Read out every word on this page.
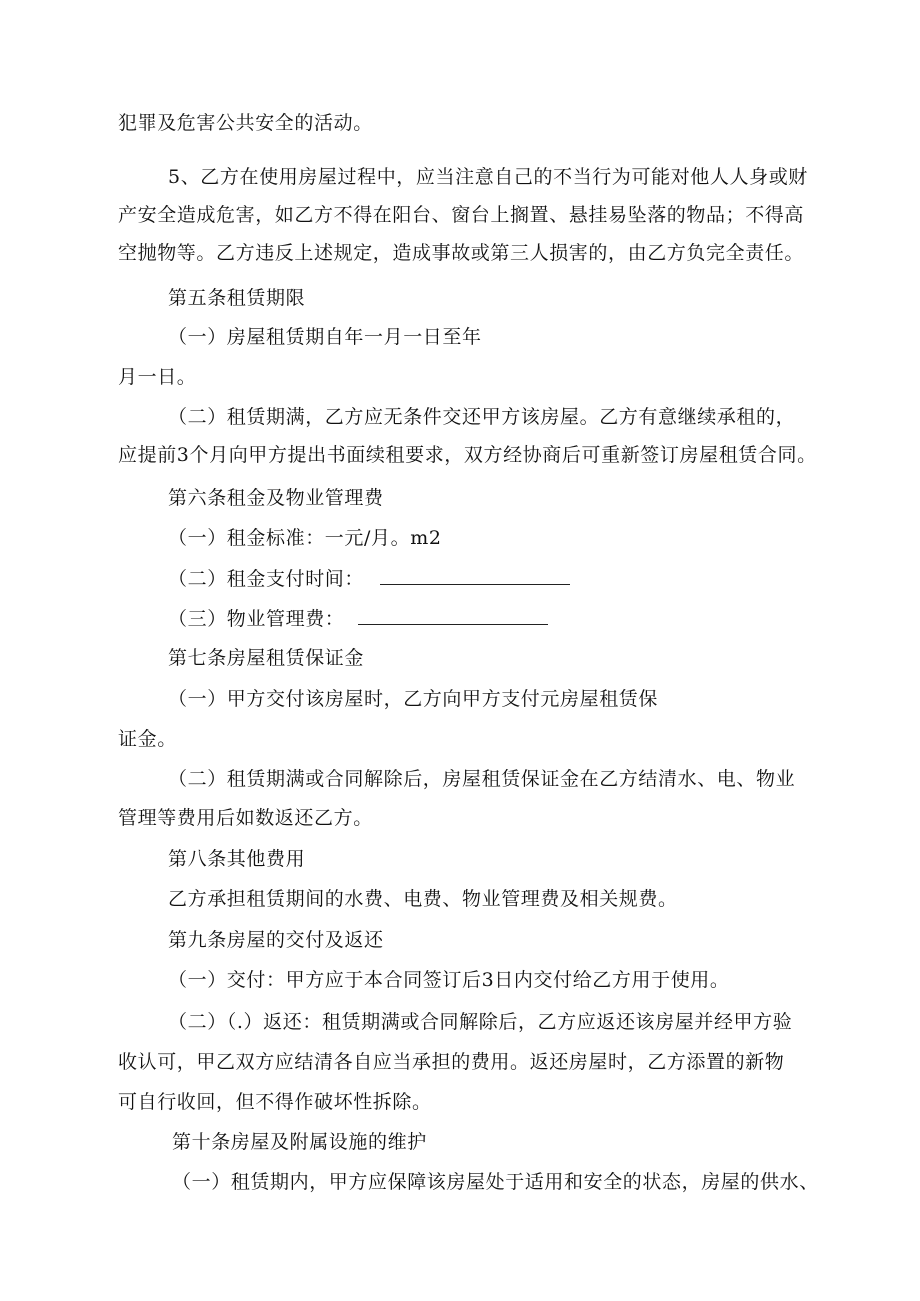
犯罪及危害公共安全的活动。

5、乙方在使用房屋过程中，应当注意自己的不当行为可能对他人人身或财

产安全造成危害，如乙方不得在阳台、窗台上搁置、悬挂易坠落的物品；不得高

空抛物等。乙方违反上述规定，造成事故或第三人损害的，由乙方负完全责任。

第五条租赁期限

（一）房屋租赁期自年一月一日至年

月一日。

（二）租赁期满，乙方应无条件交还甲方该房屋。乙方有意继续承租的，

应提前3个月向甲方提出书面续租要求，双方经协商后可重新签订房屋租赁合同。

第六条租金及物业管理费

（一）租金标准：一元/月。m2

（二）租金支付时间：

（三）物业管理费：

第七条房屋租赁保证金

（一）甲方交付该房屋时，乙方向甲方支付元房屋租赁保

证金。

（二）租赁期满或合同解除后，房屋租赁保证金在乙方结清水、电、物业

管理等费用后如数返还乙方。

第八条其他费用

乙方承担租赁期间的水费、电费、物业管理费及相关规费。

第九条房屋的交付及返还

（一）交付：甲方应于本合同签订后3日内交付给乙方用于使用。

（二）（.）返还：租赁期满或合同解除后，乙方应返还该房屋并经甲方验

收认可，甲乙双方应结清各自应当承担的费用。返还房屋时，乙方添置的新物

可自行收回，但不得作破坏性拆除。

第十条房屋及附属设施的维护

（一）租赁期内，甲方应保障该房屋处于适用和安全的状态，房屋的供水、
